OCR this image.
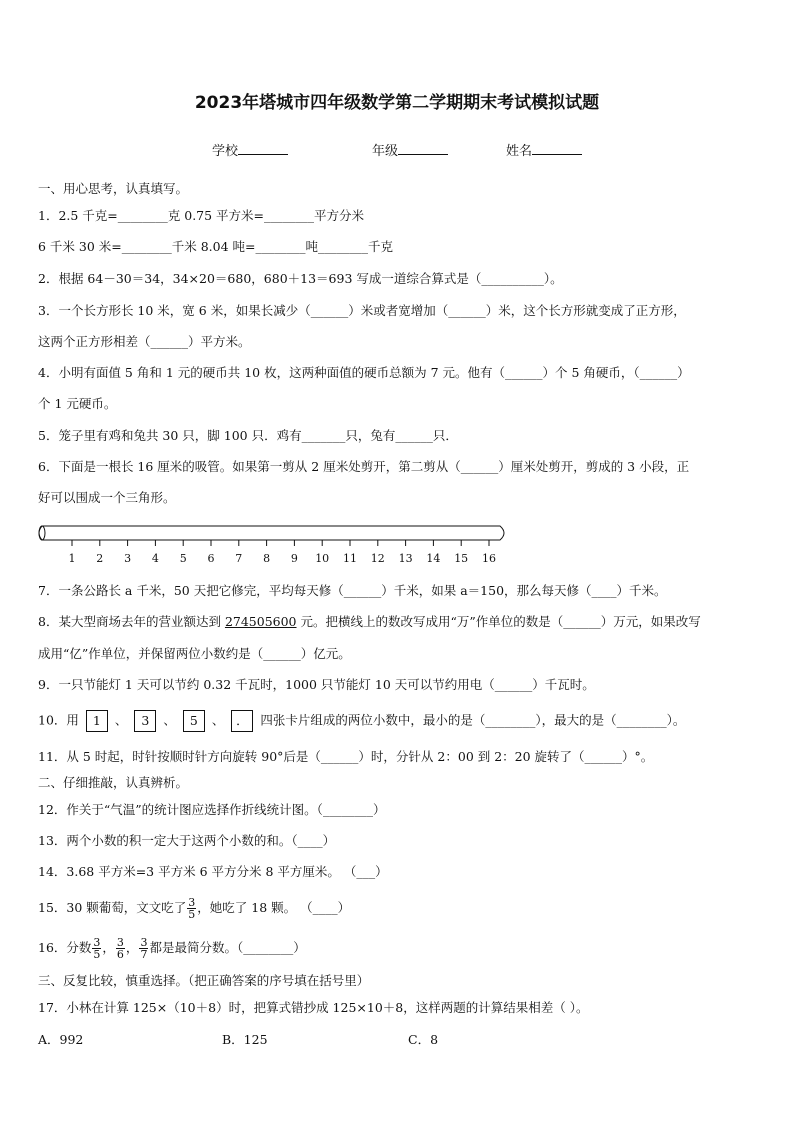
2023年塔城市四年级数学第二学期期末考试模拟试题
学校	年级	姓名
一、用心思考，认真填写。
1．2.5 千克=________克 0.75 平方米=________平方分米
6 千米 30 米=________千米 8.04 吨=________吨________千克
2．根据 64－30＝34，34×20＝680，680＋13＝693 写成一道综合算式是（__________）。
3．一个长方形长 10 米，宽 6 米，如果长减少（______）米或者宽增加（______）米，这个长方形就变成了正方形，
这两个正方形相差（______）平方米。
4．小明有面值 5 角和 1 元的硬币共 10 枚，这两种面值的硬币总额为 7 元。他有（______）个 5 角硬币，（______）
个 1 元硬币。
5．笼子里有鸡和兔共 30 只，脚 100 只．鸡有_______只，兔有______只．
6．下面是一根长 16 厘米的吸管。如果第一剪从 2 厘米处剪开，第二剪从（______）厘米处剪开，剪成的 3 小段，正
好可以围成一个三角形。
1 2 3 4 5 6 7 8 9 10 11 12 13 14 15 16
7．一条公路长 a 千米，50 天把它修完，平均每天修（______）千米，如果 a＝150，那么每天修（____）千米。
8．某大型商场去年的营业额达到 274505600 元。把横线上的数改写成用“万”作单位的数是（______）万元，如果改写
成用“亿”作单位，并保留两位小数约是（______）亿元。
9．一只节能灯 1 天可以节约 0.32 千瓦时，1000 只节能灯 10 天可以节约用电（______）千瓦时。
10．用 1 、 3 、 5 、 ． 四张卡片组成的两位小数中，最小的是（________），最大的是（________）。
11．从 5 时起，时针按顺时针方向旋转 90°后是（______）时，分针从 2：00 到 2：20 旋转了（______）°。
二、仔细推敲，认真辨析。
12．作关于“气温”的统计图应选择作折线统计图。（________）
13．两个小数的积一定大于这两个小数的和。（____）
14．3.68 平方米=3 平方米 6 平方分米 8 平方厘米。 （___）
15．30 颗葡萄，文文吃了 $\frac{3}{5}$ ，她吃了 18 颗。 （____）
16．分数 $\frac{3}{5}$ ， $\frac{3}{6}$ ， $\frac{3}{7}$ 都是最简分数。（________）
三、反复比较，慎重选择。（把正确答案的序号填在括号里）
17．小林在计算 125×（10＋8）时，把算式错抄成 125×10＋8，这样两题的计算结果相差（ ）。
A．992	B．125	C．8
